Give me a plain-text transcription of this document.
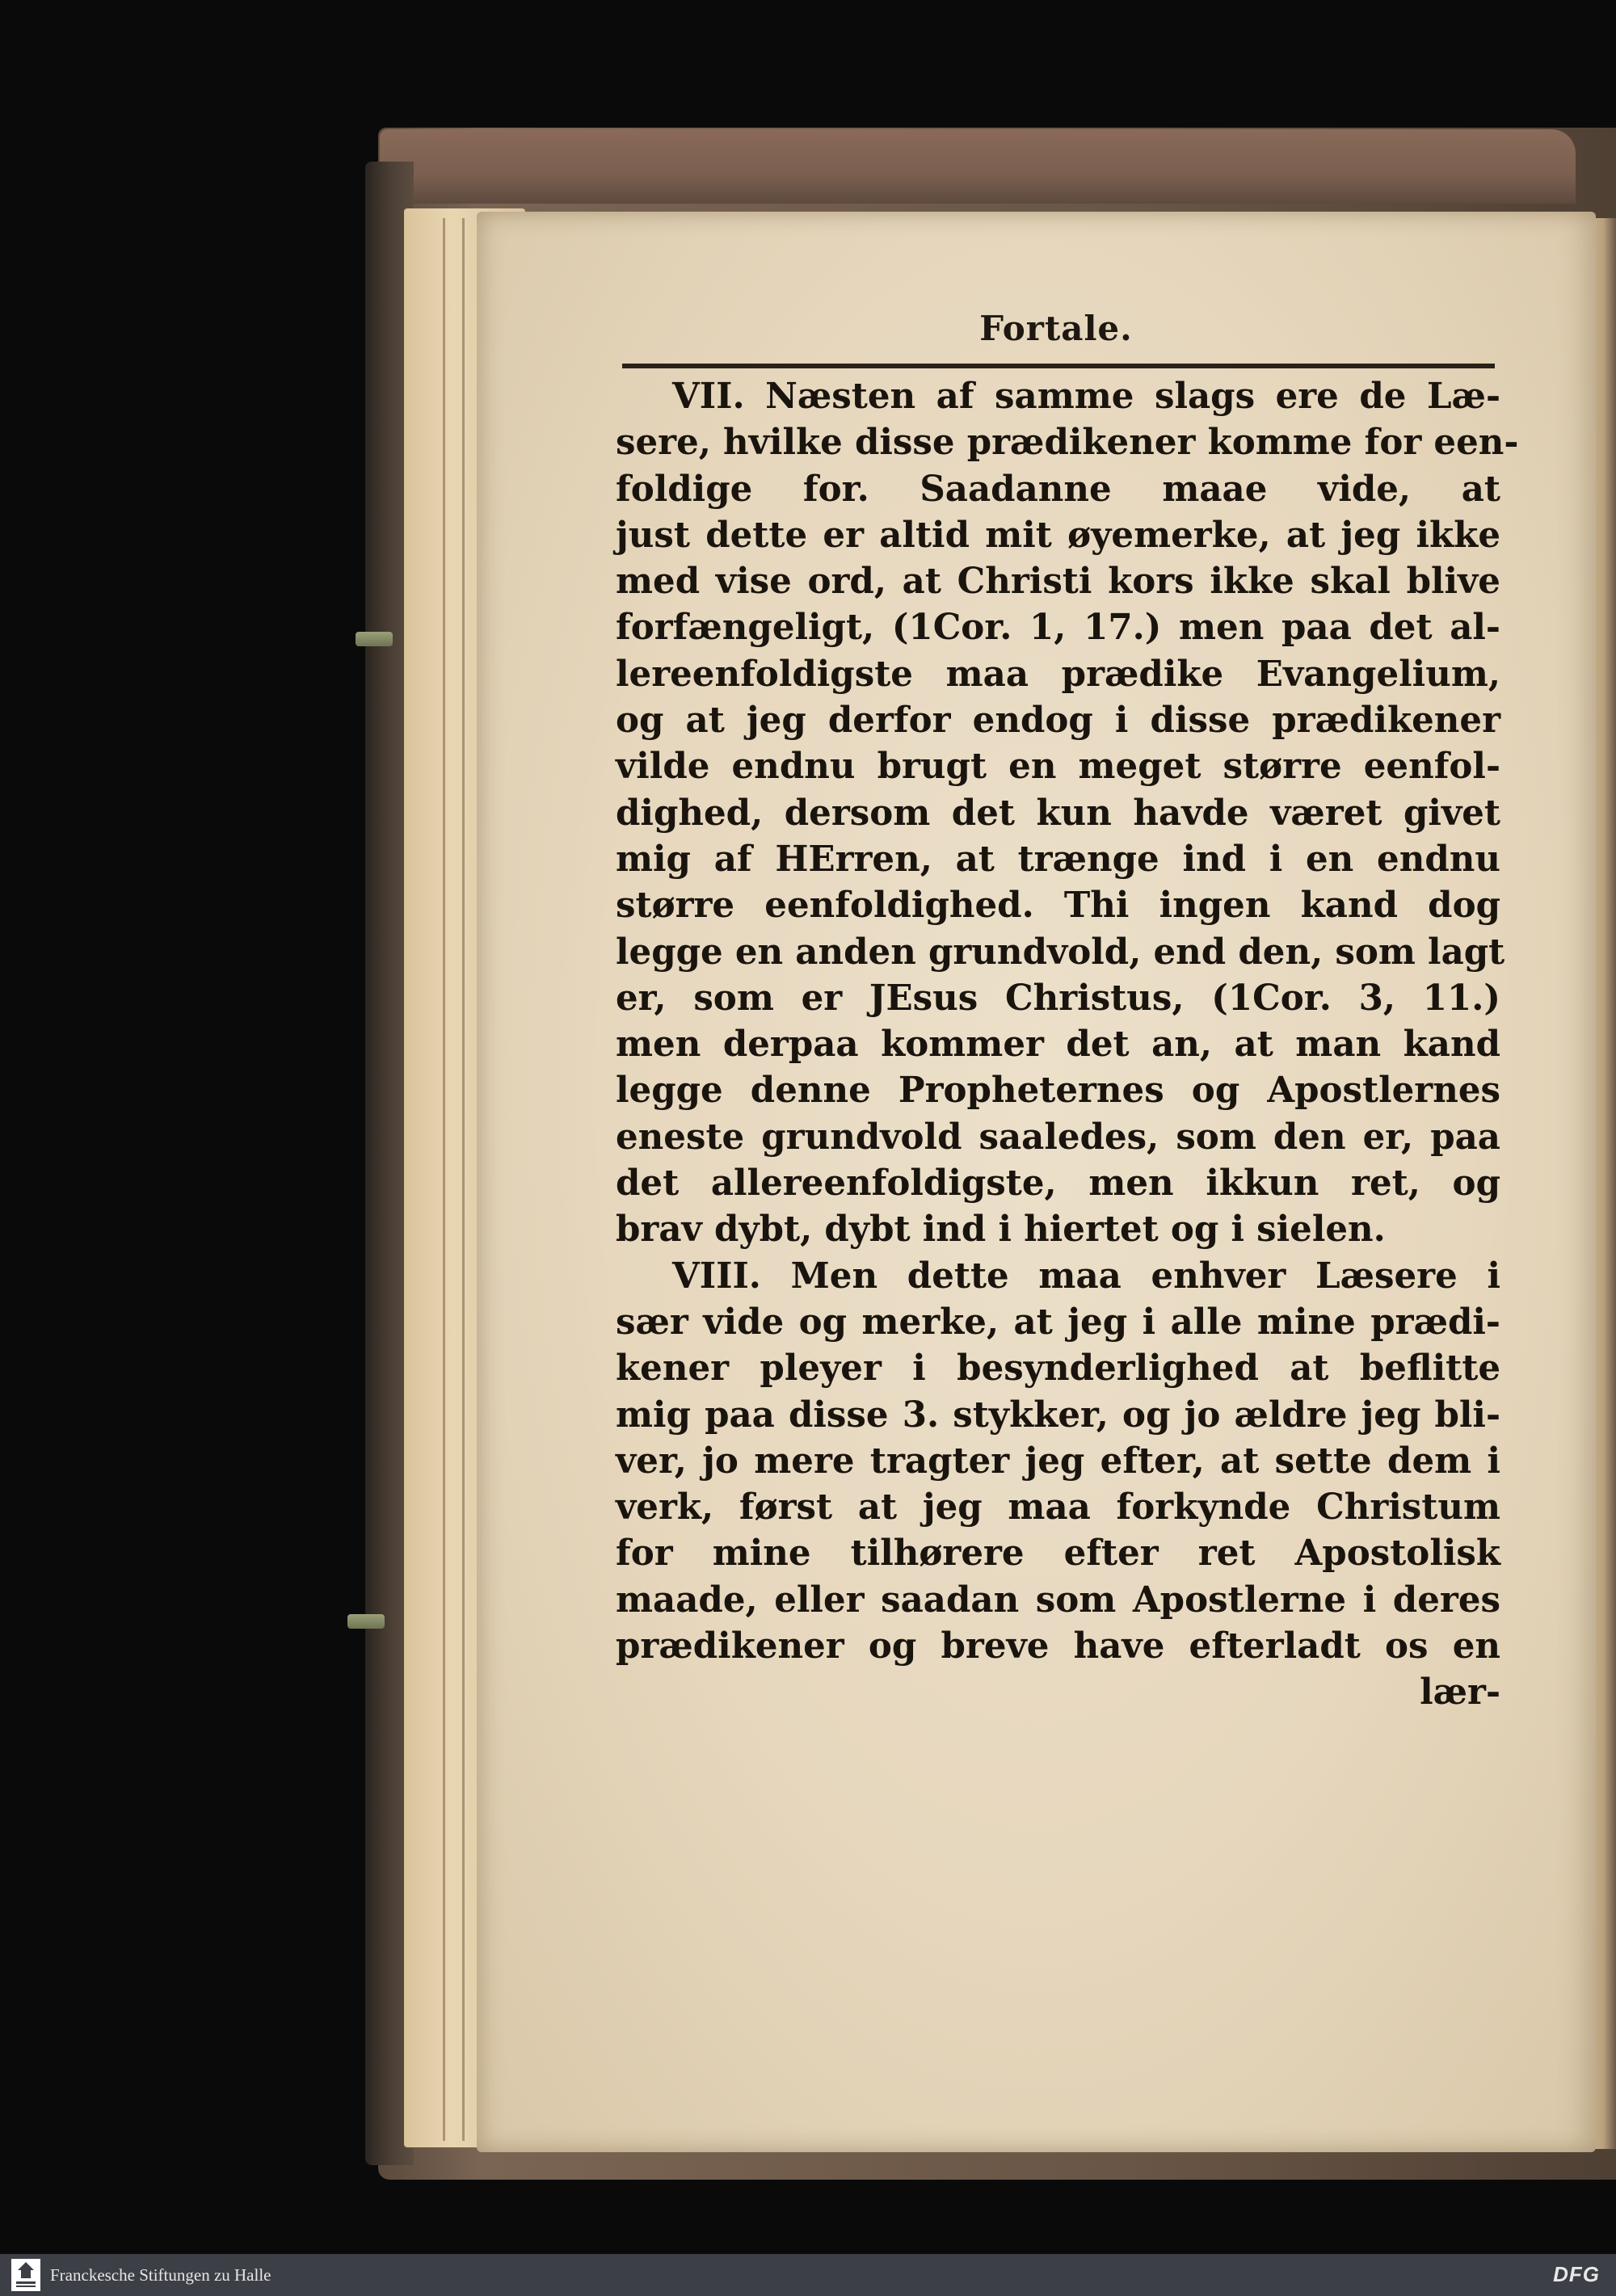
Fortale.
VII. Næsten af samme slags ere de Læ-
sere, hvilke disse prædikener komme for een-
foldige for. Saadanne maae vide, at
just dette er altid mit øyemerke, at jeg ikke
med vise ord, at Christi kors ikke skal blive
forfængeligt, (1Cor. 1, 17.) men paa det al-
lereenfoldigste maa prædike Evangelium,
og at jeg derfor endog i disse prædikener
vilde endnu brugt en meget større eenfol-
dighed, dersom det kun havde været givet
mig af HErren, at trænge ind i en endnu
større eenfoldighed. Thi ingen kand dog
legge en anden grundvold, end den, som lagt
er, som er JEsus Christus, (1Cor. 3, 11.)
men derpaa kommer det an, at man kand
legge denne Propheternes og Apostlernes
eneste grundvold saaledes, som den er, paa
det allereenfoldigste, men ikkun ret, og
brav dybt, dybt ind i hiertet og i sielen.
VIII. Men dette maa enhver Læsere i
sær vide og merke, at jeg i alle mine prædi-
kener pleyer i besynderlighed at beflitte
mig paa disse 3. stykker, og jo ældre jeg bli-
ver, jo mere tragter jeg efter, at sette dem i
verk, først at jeg maa forkynde Christum
for mine tilhørere efter ret Apostolisk
maade, eller saadan som Apostlerne i deres
prædikener og breve have efterladt os en
lær-
Franckesche Stiftungen zu Halle	DFG
